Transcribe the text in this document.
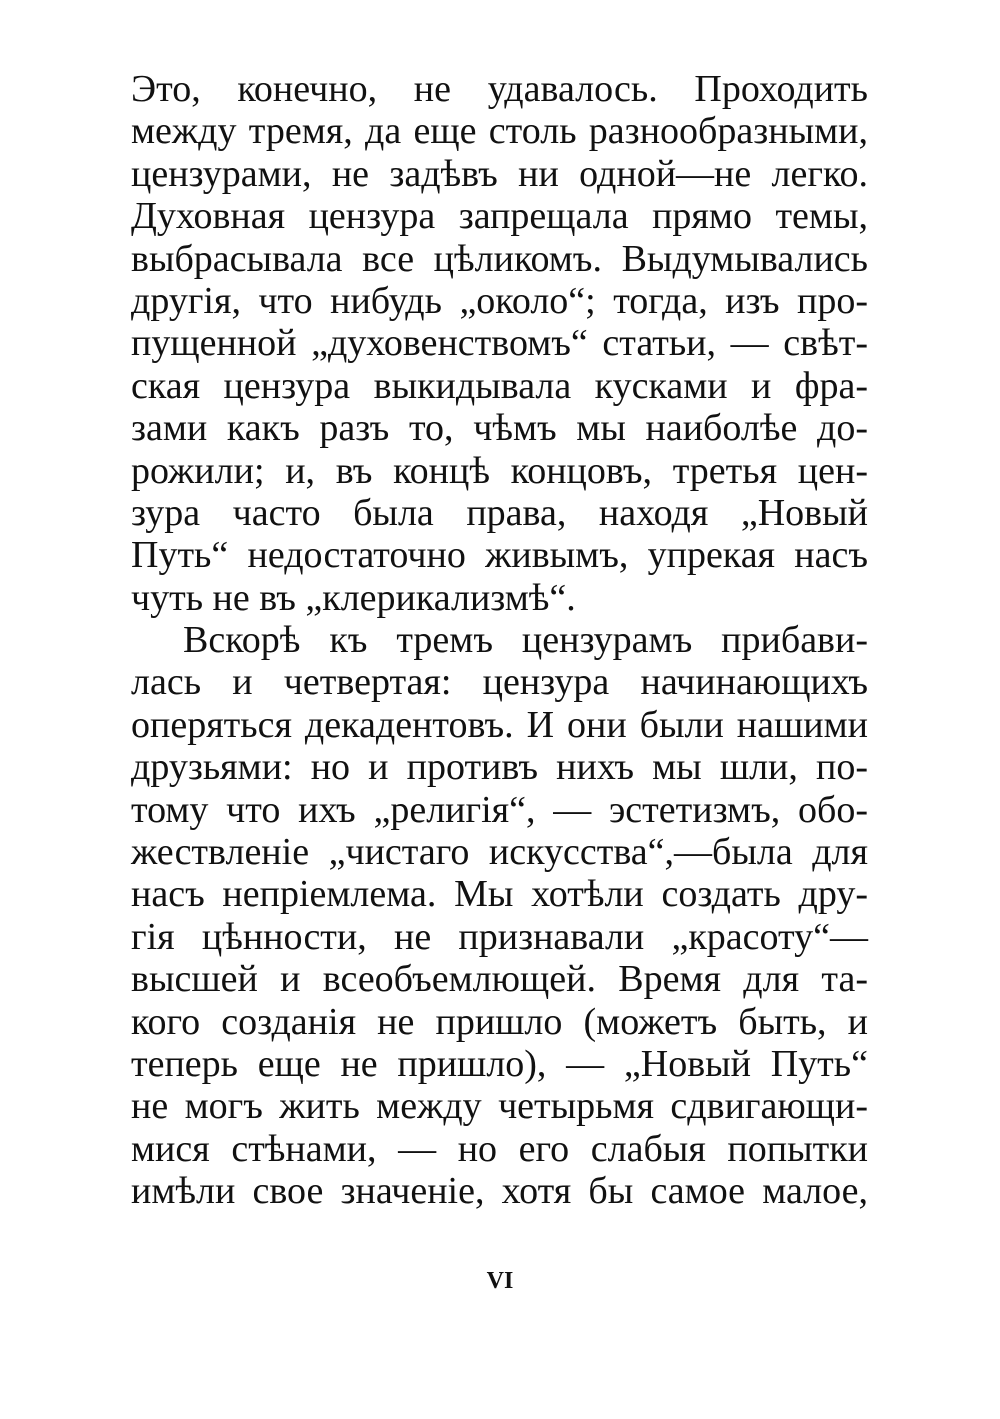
Это, конечно, не удавалось. Проходить
между тремя, да еще столь разнообразными,
цензурами, не задѣвъ ни одной—не легко.
Духовная цензура запрещала прямо темы,
выбрасывала все цѣликомъ. Выдумывались
другія, что нибудь „около“; тогда, изъ про-
пущенной „духовенствомъ“ статьи, — свѣт-
ская цензура выкидывала кусками и фра-
зами какъ разъ то, чѣмъ мы наиболѣе до-
рожили; и, въ концѣ концовъ, третья цен-
зура часто была права, находя „Новый
Путь“ недостаточно живымъ, упрекая насъ
чуть не въ „клерикализмѣ“.
Вскорѣ къ тремъ цензурамъ прибави-
лась и четвертая: цензура начинающихъ
оперяться декадентовъ. И они были нашими
друзьями: но и противъ нихъ мы шли, по-
тому что ихъ „религія“, — эстетизмъ, обо-
жествленіе „чистаго искусства“,—была для
насъ непріемлема. Мы хотѣли создать дру-
гія цѣнности, не признавали „красоту“—
высшей и всеобъемлющей. Время для та-
кого созданія не пришло (можетъ быть, и
теперь еще не пришло), — „Новый Путь“
не могъ жить между четырьмя сдвигающи-
мися стѣнами, — но его слабыя попытки
имѣли свое значеніе, хотя бы самое малое,
VI
